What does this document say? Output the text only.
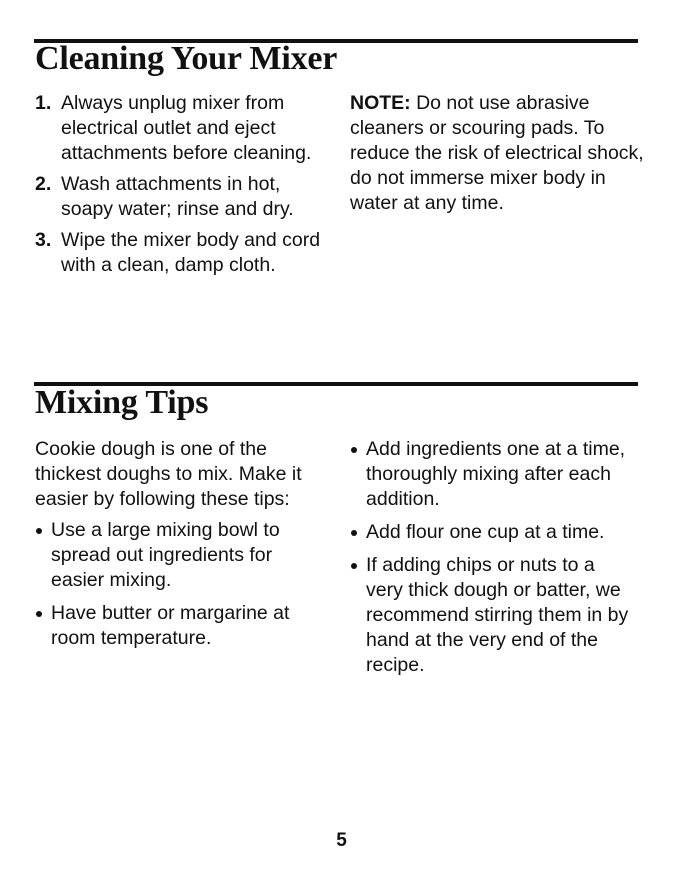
Cleaning Your Mixer
1. Always unplug mixer from electrical outlet and eject attachments before cleaning.
2. Wash attachments in hot, soapy water; rinse and dry.
3. Wipe the mixer body and cord with a clean, damp cloth.

NOTE: Do not use abrasive cleaners or scouring pads. To reduce the risk of electrical shock, do not immerse mixer body in water at any time.

Mixing Tips

Cookie dough is one of the thickest doughs to mix. Make it easier by following these tips:

Use a large mixing bowl to spread out ingredients for easier mixing.
Have butter or margarine at room temperature.
Add ingredients one at a time, thoroughly mixing after each addition.
Add flour one cup at a time.
If adding chips or nuts to a very thick dough or batter, we recommend stirring them in by hand at the very end of the recipe.
5
